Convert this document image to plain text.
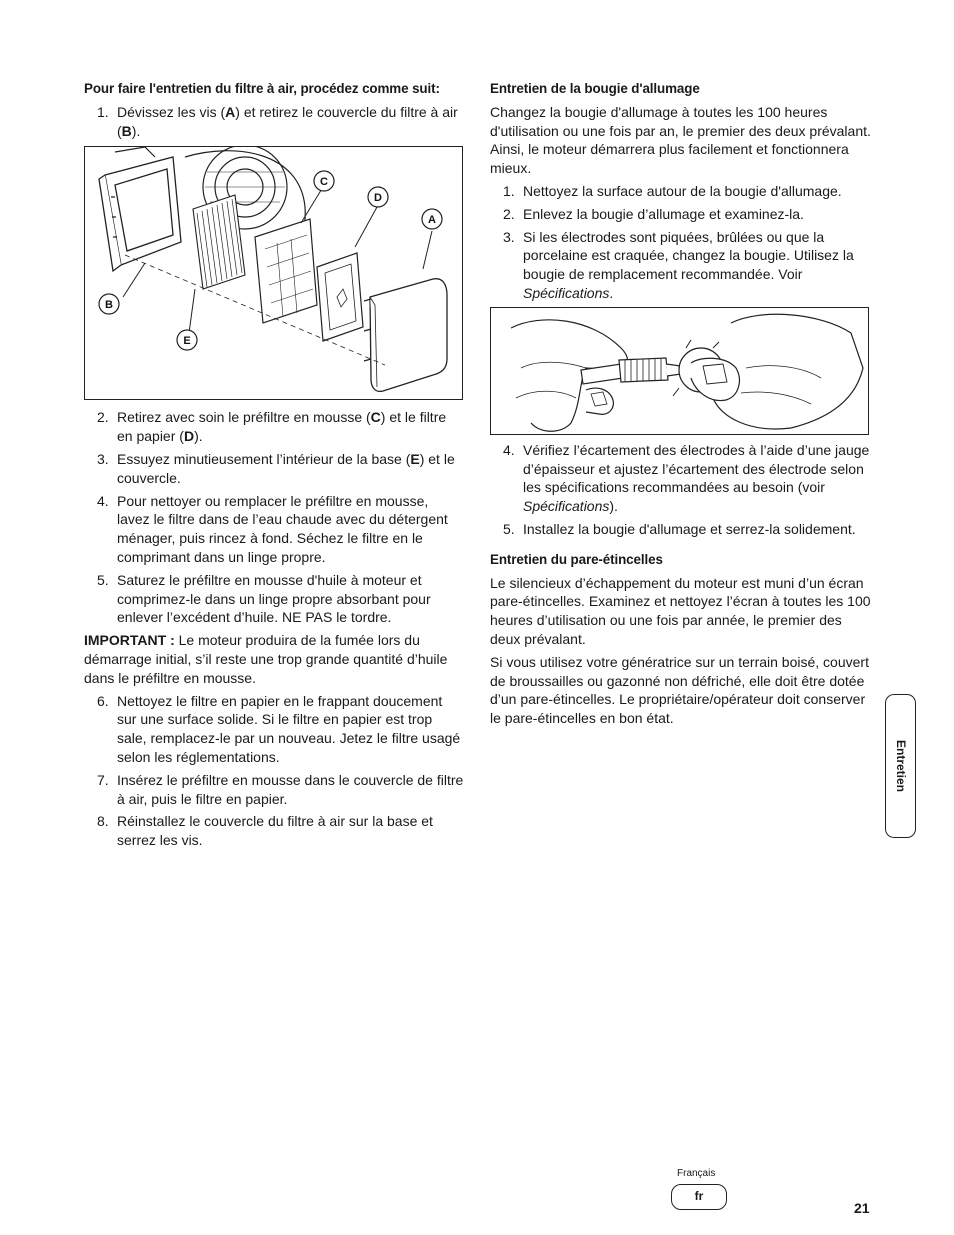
Pour faire l'entretien du filtre à air, procédez comme suit:
1. Dévissez les vis (A) et retirez le couvercle du filtre à air (B).
C
D
A
B
E
2. Retirez avec soin le préfiltre en mousse (C) et le filtre en papier (D).
3. Essuyez minutieusement l’intérieur de la base (E) et le couvercle.
4. Pour nettoyer ou remplacer le préfiltre en mousse, lavez le filtre dans de l’eau chaude avec du détergent ménager, puis rincez à fond. Séchez le filtre en le comprimant dans un linge propre.
5. Saturez le préfiltre en mousse d'huile à moteur et comprimez-le dans un linge propre absorbant pour enlever l’excédent d’huile. NE PAS le tordre.

IMPORTANT : Le moteur produira de la fumée lors du démarrage initial, s’il reste une trop grande quantité d’huile dans le préfiltre en mousse.

6. Nettoyez le filtre en papier en le frappant doucement sur une surface solide. Si le filtre en papier est trop sale, remplacez-le par un nouveau. Jetez le filtre usagé selon les réglementations.
7. Insérez le préfiltre en mousse dans le couvercle de filtre à air, puis le filtre en papier.
8. Réinstallez le couvercle du filtre à air sur la base et serrez les vis.
Entretien de la bougie d'allumage

Changez la bougie d'allumage à toutes les 100 heures d'utilisation ou une fois par an, le premier des deux prévalant. Ainsi, le moteur démarrera plus facilement et fonctionnera mieux.

1. Nettoyez la surface autour de la bougie d'allumage.
2. Enlevez la bougie d’allumage et examinez-la.
3. Si les électrodes sont piquées, brûlées ou que la porcelaine est craquée, changez la bougie. Utilisez la bougie de remplacement recommandée. Voir Spécifications.
4. Vérifiez l’écartement des électrodes à l’aide d’une jauge d’épaisseur et ajustez l’écartement des électrode selon les spécifications recommandées au besoin (voir Spécifications).
5. Installez la bougie d'allumage et serrez-la solidement.
Entretien du pare-étincelles

Le silencieux d’échappement du moteur est muni d’un écran pare-étincelles. Examinez et nettoyez l’écran à toutes les 100 heures d’utilisation ou une fois par année, le premier des deux prévalant.

Si vous utilisez votre génératrice sur un terrain boisé, couvert de broussailles ou gazonné non défriché, elle doit être dotée d’un pare-étincelles. Le propriétaire/opérateur doit conserver le pare-étincelles en bon état.

Entretien
Français
fr
21
